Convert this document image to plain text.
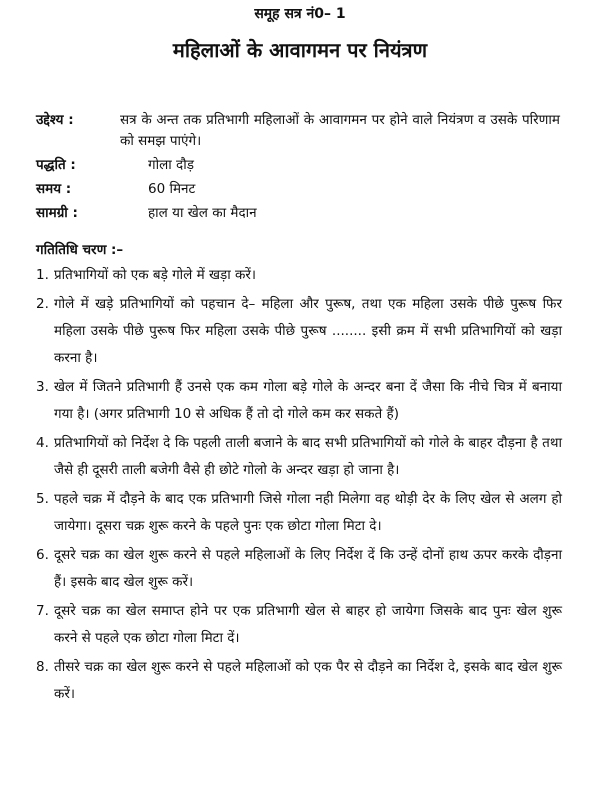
समूह सत्र नं0– 1
महिलाओं के आवागमन पर नियंत्रण
उद्देश्य :	सत्र के अन्त तक प्रतिभागी महिलाओं के आवागमन पर होने वाले नियंत्रण व उसके परिणाम को समझ पाएंगे।
पद्धति :	गोला दौड़
समय :	60 मिनट
सामग्री :	हाल या खेल का मैदान
गतितिधि चरण :–
1. प्रतिभागियों को एक बड़े गोले में खड़ा करें।
2. गोले में खड़े प्रतिभागियों को पहचान दे– महिला और पुरूष, तथा एक महिला उसके पीछे पुरूष फिर महिला उसके पीछे पुरूष फिर महिला उसके पीछे पुरूष ........ इसी क्रम में सभी प्रतिभागियों को खड़ा करना है।
3. खेल में जितने प्रतिभागी हैं उनसे एक कम गोला बड़े गोले के अन्दर बना दें जैसा कि नीचे चित्र में बनाया गया है। (अगर प्रतिभागी 10 से अधिक हैं तो दो गोले कम कर सकते हैं)
4. प्रतिभागियों को निर्देश दे कि पहली ताली बजाने के बाद सभी प्रतिभागियों को गोले के बाहर दौड़ना है तथा जैसे ही दूसरी ताली बजेगी वैसे ही छोटे गोलो के अन्दर खड़ा हो जाना है।
5. पहले चक्र में दौड़ने के बाद एक प्रतिभागी जिसे गोला नही मिलेगा वह थोड़ी देर के लिए खेल से अलग हो जायेगा। दूसरा चक्र शुरू करने के पहले पुनः एक छोटा गोला मिटा दे।
6. दूसरे चक्र का खेल शुरू करने से पहले महिलाओं के लिए निर्देश दें कि उन्हें दोनों हाथ ऊपर करके दौड़ना हैं। इसके बाद खेल शुरू करें।
7. दूसरे चक्र का खेल समाप्त होने पर एक प्रतिभागी खेल से बाहर हो जायेगा जिसके बाद पुनः खेल शुरू करने से पहले एक छोटा गोला मिटा दें।
8. तीसरे चक्र का खेल शुरू करने से पहले महिलाओं को एक पैर से दौड़ने का निर्देश दे, इसके बाद खेल शुरू करें।
